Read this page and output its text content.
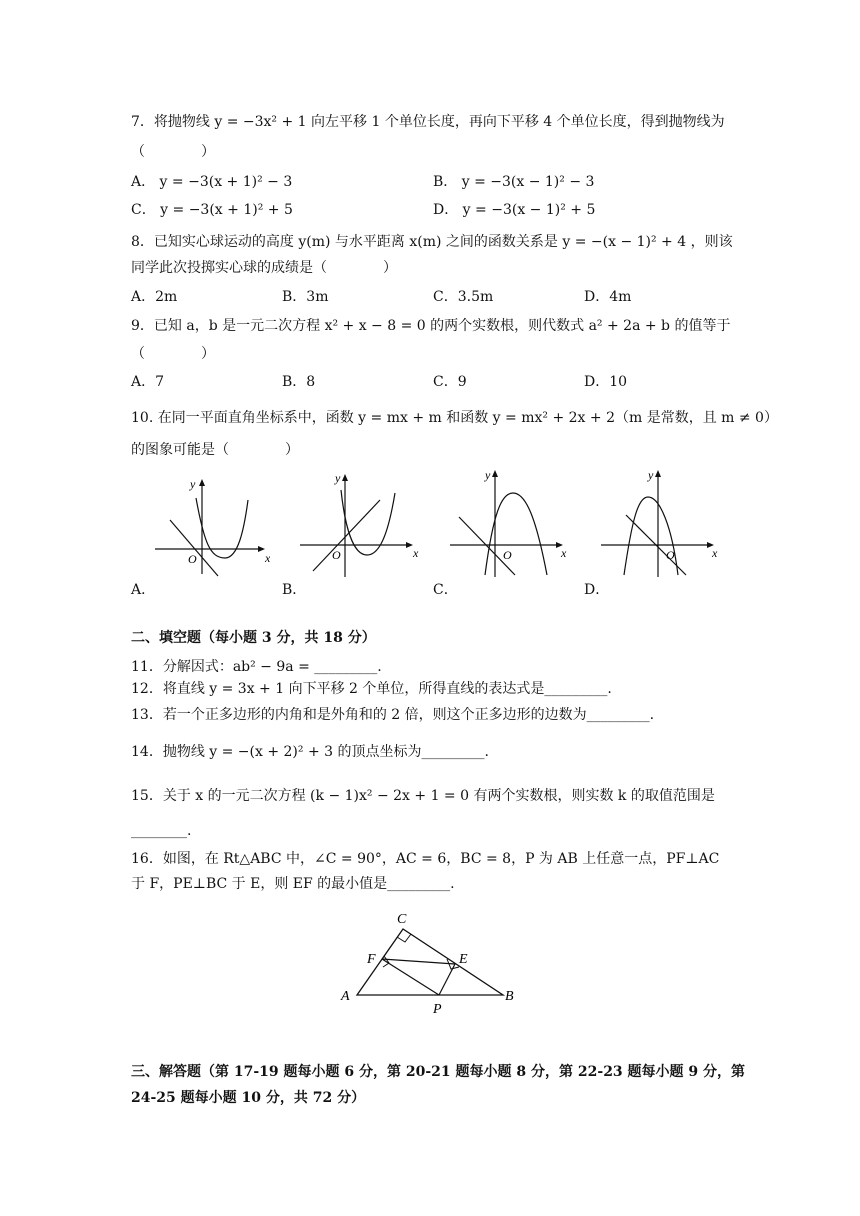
7．将抛物线 y = −3x² + 1 向左平移 1 个单位长度，再向下平移 4 个单位长度，得到抛物线为
（　　　　）
A． y = −3(x + 1)² − 3	B． y = −3(x − 1)² − 3
C． y = −3(x + 1)² + 5	D． y = −3(x − 1)² + 5
8．已知实心球运动的高度 y(m) 与水平距离 x(m) 之间的函数关系是 y = −(x − 1)² + 4 ，则该
同学此次投掷实心球的成绩是（　　　　）
A．2m	B．3m	C．3.5m	D．4m
9．已知 a，b 是一元二次方程 x² + x − 8 = 0 的两个实数根，则代数式 a² + 2a + b 的值等于
（　　　　）
A．7	B．8	C．9	D．10
10. 在同一平面直角坐标系中，函数 y = mx + m 和函数 y = mx² + 2x + 2（m 是常数，且 m ≠ 0）
的图象可能是（　　　　）
x
y
O
A．
x
y
O
B．
x
y
O
C．
x
y
O
D．
二、填空题（每小题 3 分，共 18 分）
11．分解因式：ab² − 9a = _________.
12．将直线 y = 3x + 1 向下平移 2 个单位，所得直线的表达式是_________.
13．若一个正多边形的内角和是外角和的 2 倍，则这个正多边形的边数为_________.
14．抛物线 y = −(x + 2)² + 3 的顶点坐标为_________.
15．关于 x 的一元二次方程 (k − 1)x² − 2x + 1 = 0 有两个实数根，则实数 k 的取值范围是
________.
16．如图，在 Rt△ABC 中，∠C = 90°，AC = 6，BC = 8，P 为 AB 上任意一点，PF⊥AC
于 F，PE⊥BC 于 E，则 EF 的最小值是_________.
C
F	E
A	B
P
三、解答题（第 17-19 题每小题 6 分，第 20-21 题每小题 8 分，第 22-23 题每小题 9 分，第
24-25 题每小题 10 分，共 72 分）
